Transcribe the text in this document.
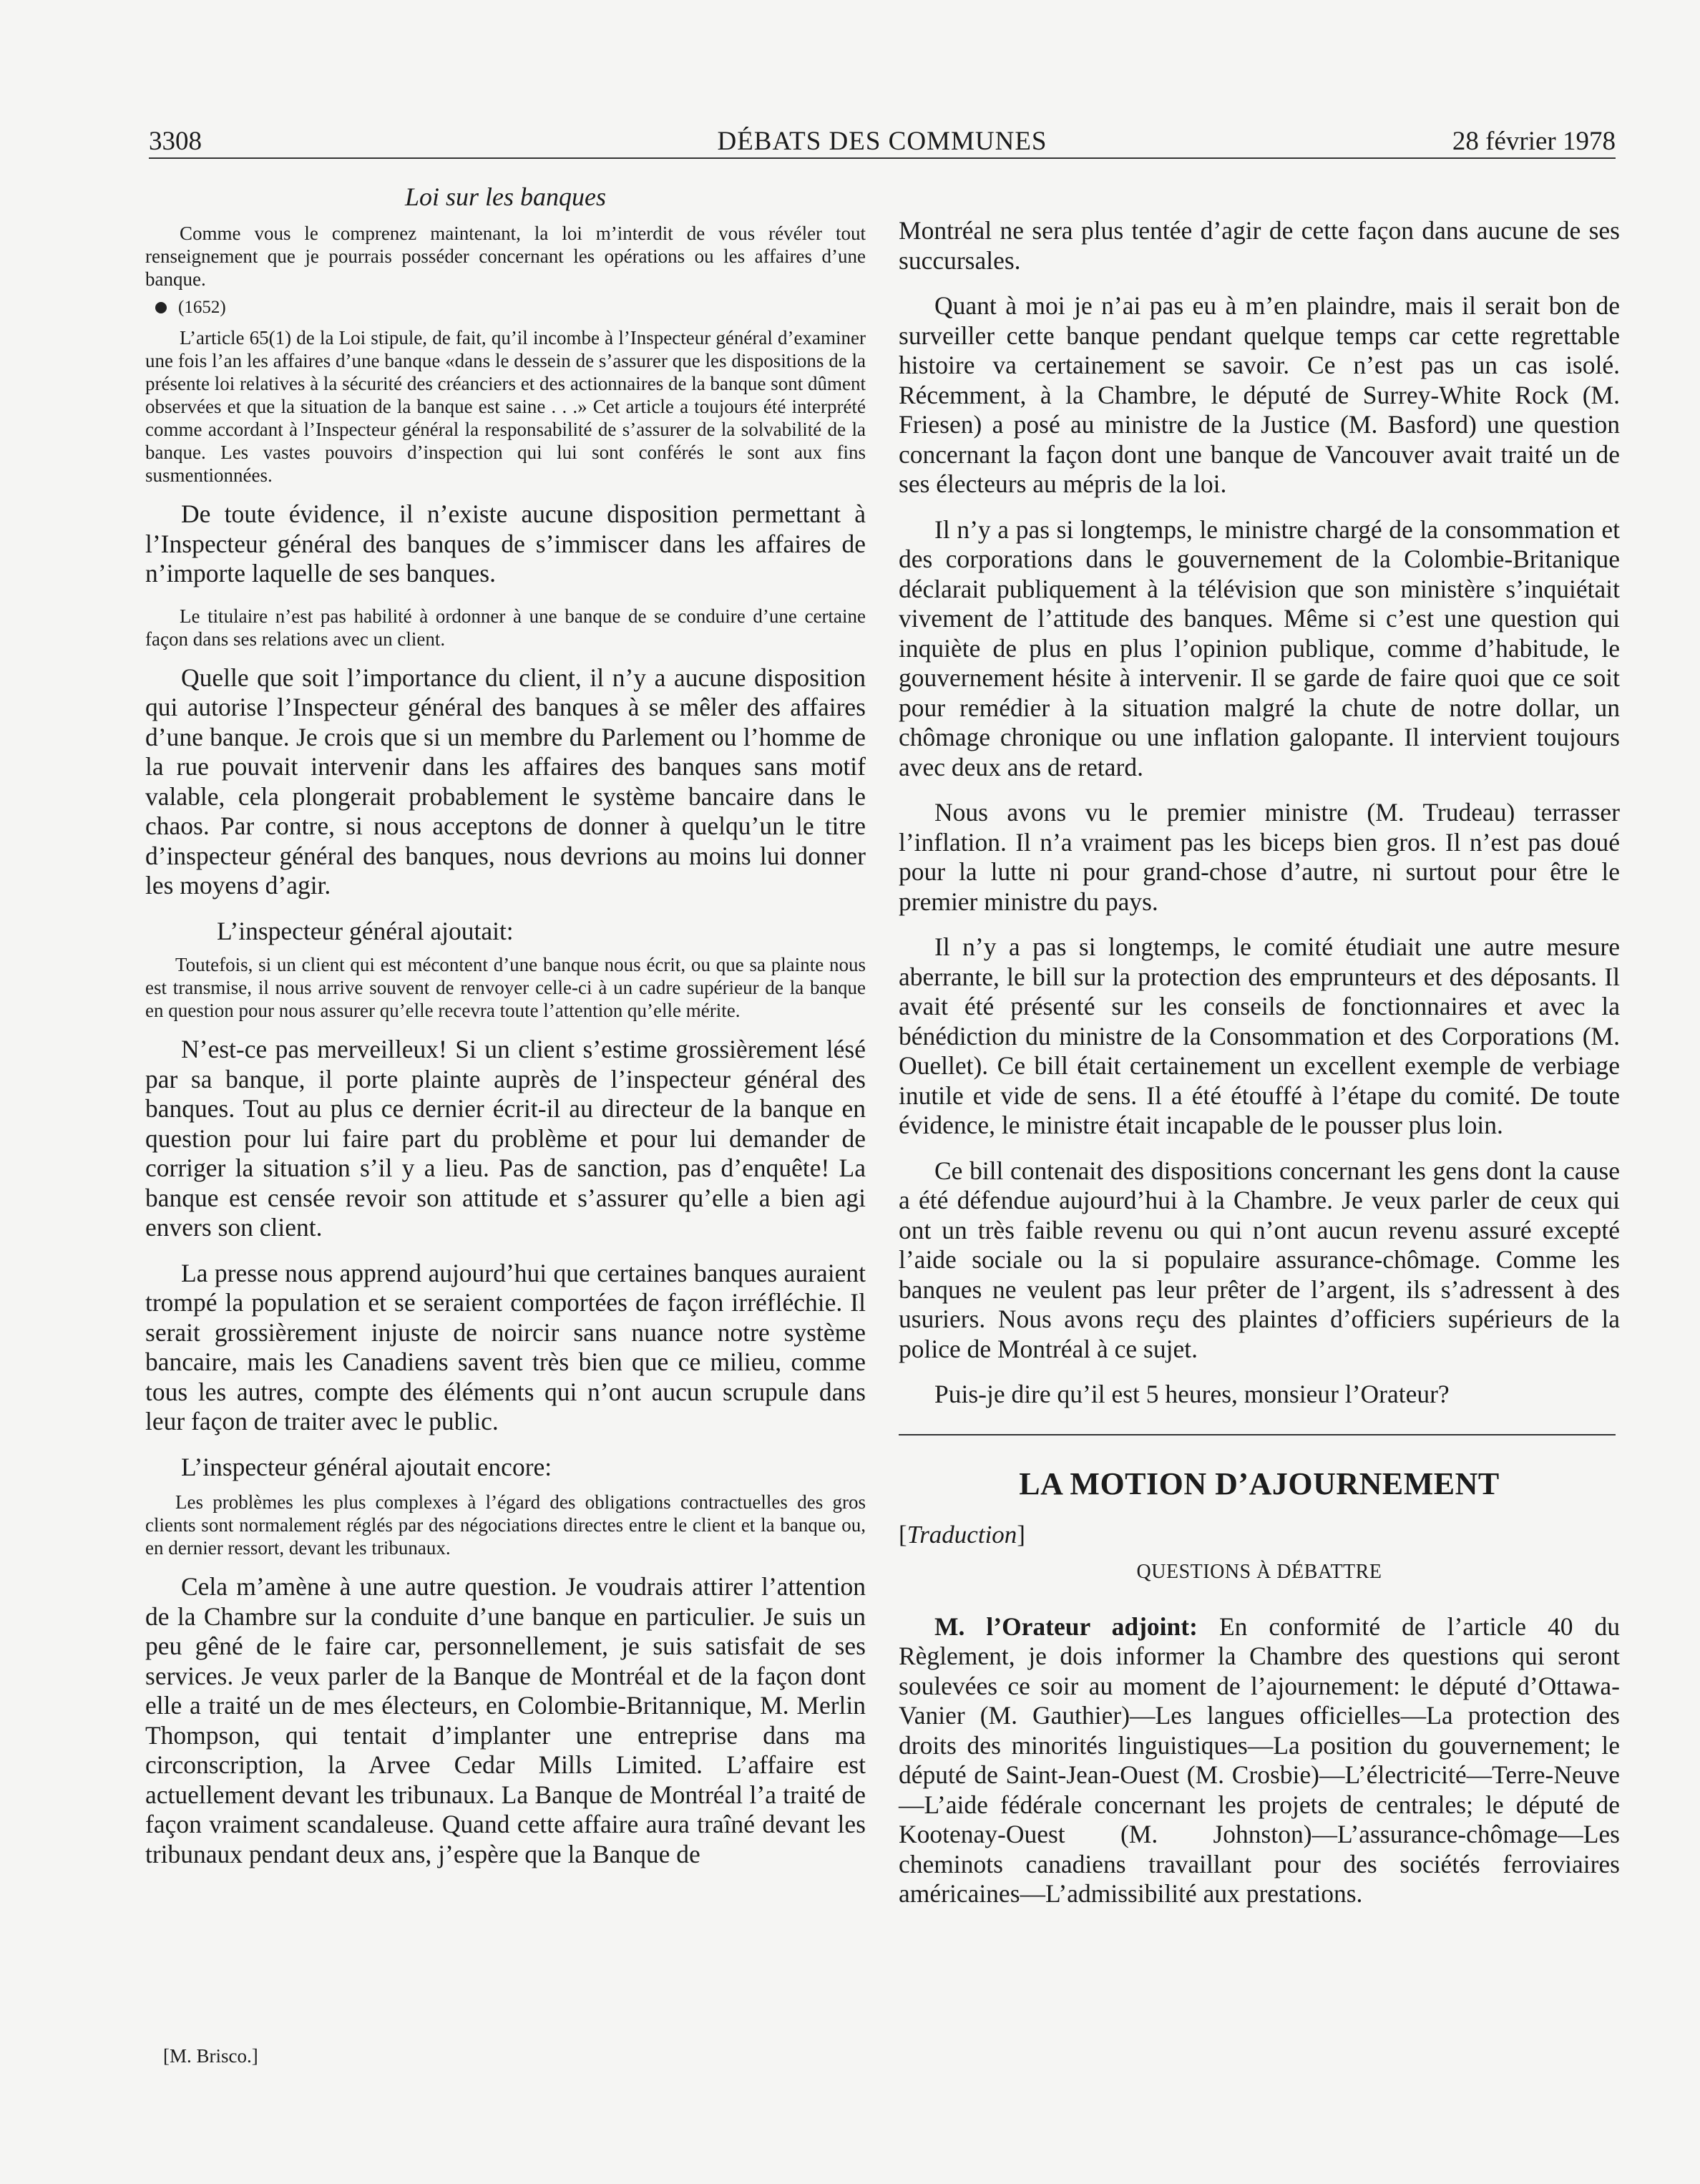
3308	DÉBATS DES COMMUNES	28 février 1978
Loi sur les banques

Comme vous le comprenez maintenant, la loi m’interdit de vous révéler tout renseignement que je pourrais posséder concernant les opérations ou les affaires d’une banque.

(1652)

L’article 65(1) de la Loi stipule, de fait, qu’il incombe à l’Inspecteur général d’examiner une fois l’an les affaires d’une banque «dans le dessein de s’assurer que les dispositions de la présente loi relatives à la sécurité des créanciers et des actionnaires de la banque sont dûment observées et que la situation de la banque est saine . . .» Cet article a toujours été interprété comme accordant à l’Inspecteur général la responsabilité de s’assurer de la solvabilité de la banque. Les vastes pouvoirs d’inspection qui lui sont conférés le sont aux fins susmentionnées.

De toute évidence, il n’existe aucune disposition permettant à l’Inspecteur général des banques de s’immiscer dans les affaires de n’importe laquelle de ses banques.

Le titulaire n’est pas habilité à ordonner à une banque de se conduire d’une certaine façon dans ses relations avec un client.

Quelle que soit l’importance du client, il n’y a aucune disposition qui autorise l’Inspecteur général des banques à se mêler des affaires d’une banque. Je crois que si un membre du Parlement ou l’homme de la rue pouvait intervenir dans les affaires des banques sans motif valable, cela plongerait probablement le système bancaire dans le chaos. Par contre, si nous acceptons de donner à quelqu’un le titre d’inspecteur général des banques, nous devrions au moins lui donner les moyens d’agir.

L’inspecteur général ajoutait:

Toutefois, si un client qui est mécontent d’une banque nous écrit, ou que sa plainte nous est transmise, il nous arrive souvent de renvoyer celle-ci à un cadre supérieur de la banque en question pour nous assurer qu’elle recevra toute l’attention qu’elle mérite.

N’est-ce pas merveilleux! Si un client s’estime grossièrement lésé par sa banque, il porte plainte auprès de l’inspecteur général des banques. Tout au plus ce dernier écrit-il au directeur de la banque en question pour lui faire part du problème et pour lui demander de corriger la situation s’il y a lieu. Pas de sanction, pas d’enquête! La banque est censée revoir son attitude et s’assurer qu’elle a bien agi envers son client.

La presse nous apprend aujourd’hui que certaines banques auraient trompé la population et se seraient comportées de façon irréfléchie. Il serait grossièrement injuste de noircir sans nuance notre système bancaire, mais les Canadiens savent très bien que ce milieu, comme tous les autres, compte des éléments qui n’ont aucun scrupule dans leur façon de traiter avec le public.

L’inspecteur général ajoutait encore:

Les problèmes les plus complexes à l’égard des obligations contractuelles des gros clients sont normalement réglés par des négociations directes entre le client et la banque ou, en dernier ressort, devant les tribunaux.

Cela m’amène à une autre question. Je voudrais attirer l’attention de la Chambre sur la conduite d’une banque en particulier. Je suis un peu gêné de le faire car, personnellement, je suis satisfait de ses services. Je veux parler de la Banque de Montréal et de la façon dont elle a traité un de mes électeurs, en Colombie-Britannique, M. Merlin Thompson, qui tentait d’implanter une entreprise dans ma circonscription, la Arvee Cedar Mills Limited. L’affaire est actuellement devant les tribunaux. La Banque de Montréal l’a traité de façon vraiment scandaleuse. Quand cette affaire aura traîné devant les tribunaux pendant deux ans, j’espère que la Banque de

Montréal ne sera plus tentée d’agir de cette façon dans aucune de ses succursales.

Quant à moi je n’ai pas eu à m’en plaindre, mais il serait bon de surveiller cette banque pendant quelque temps car cette regrettable histoire va certainement se savoir. Ce n’est pas un cas isolé. Récemment, à la Chambre, le député de Surrey-White Rock (M. Friesen) a posé au ministre de la Justice (M. Basford) une question concernant la façon dont une banque de Vancouver avait traité un de ses électeurs au mépris de la loi.

Il n’y a pas si longtemps, le ministre chargé de la consommation et des corporations dans le gouvernement de la Colombie-Britanique déclarait publiquement à la télévision que son ministère s’inquiétait vivement de l’attitude des banques. Même si c’est une question qui inquiète de plus en plus l’opinion publique, comme d’habitude, le gouvernement hésite à intervenir. Il se garde de faire quoi que ce soit pour remédier à la situation malgré la chute de notre dollar, un chômage chronique ou une inflation galopante. Il intervient toujours avec deux ans de retard.

Nous avons vu le premier ministre (M. Trudeau) terrasser l’inflation. Il n’a vraiment pas les biceps bien gros. Il n’est pas doué pour la lutte ni pour grand-chose d’autre, ni surtout pour être le premier ministre du pays.

Il n’y a pas si longtemps, le comité étudiait une autre mesure aberrante, le bill sur la protection des emprunteurs et des déposants. Il avait été présenté sur les conseils de fonctionnaires et avec la bénédiction du ministre de la Consommation et des Corporations (M. Ouellet). Ce bill était certainement un excellent exemple de verbiage inutile et vide de sens. Il a été étouffé à l’étape du comité. De toute évidence, le ministre était incapable de le pousser plus loin.

Ce bill contenait des dispositions concernant les gens dont la cause a été défendue aujourd’hui à la Chambre. Je veux parler de ceux qui ont un très faible revenu ou qui n’ont aucun revenu assuré excepté l’aide sociale ou la si populaire assurance-chômage. Comme les banques ne veulent pas leur prêter de l’argent, ils s’adressent à des usuriers. Nous avons reçu des plaintes d’officiers supérieurs de la police de Montréal à ce sujet.

Puis-je dire qu’il est 5 heures, monsieur l’Orateur?

LA MOTION D’AJOURNEMENT
[Traduction]
QUESTIONS À DÉBATTRE

M. l’Orateur adjoint: En conformité de l’article 40 du Règlement, je dois informer la Chambre des questions qui seront soulevées ce soir au moment de l’ajournement: le député d’Ottawa-Vanier (M. Gauthier)—Les langues officielles—La protection des droits des minorités linguistiques—La position du gouvernement; le député de Saint-Jean-Ouest (M. Crosbie)—L’électricité—Terre-Neuve—L’aide fédérale concernant les projets de centrales; le député de Kootenay-Ouest (M. Johnston)—L’assurance-chômage—Les cheminots canadiens travaillant pour des sociétés ferroviaires américaines—L’admissibilité aux prestations.

[M. Brisco.]
